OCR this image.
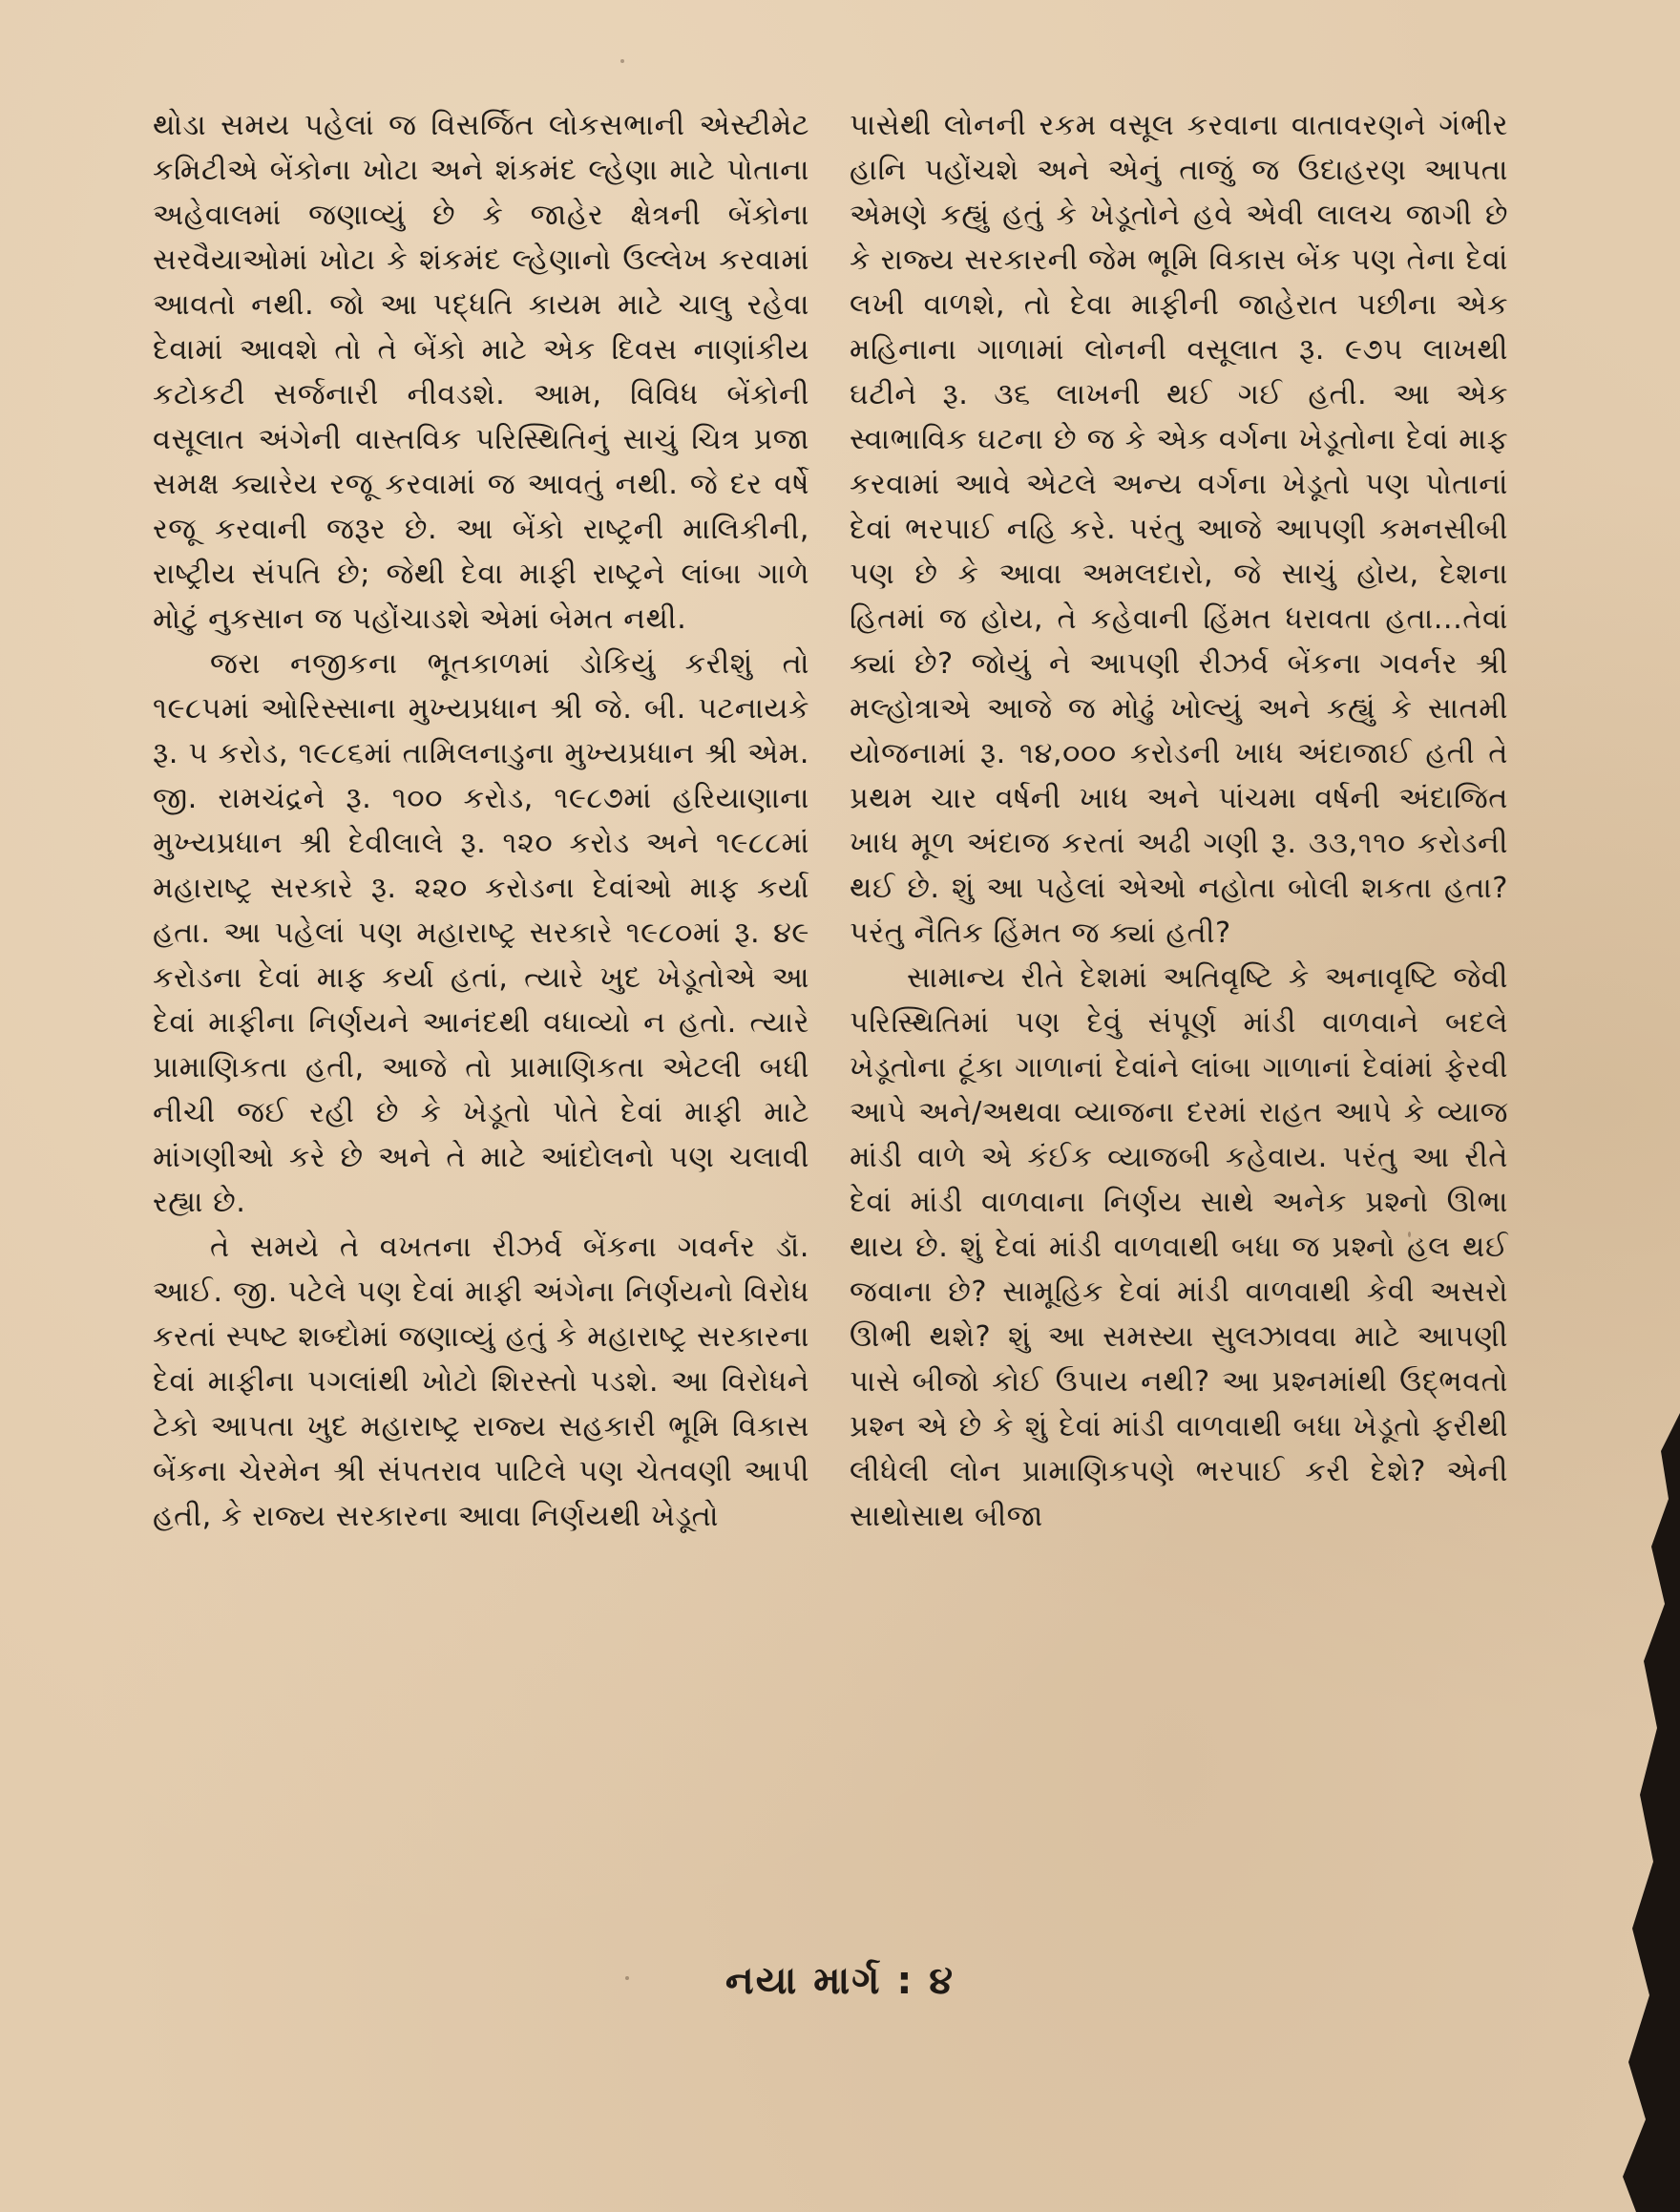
થોડા સમય પહેલાં જ વિસર્જિત લોકસભાની એસ્ટીમેટ કમિટીએ બેંકોના ખોટા અને શંકમંદ લ્હેણા માટે પોતાના અહેવાલમાં જણાવ્યું છે કે જાહેર ક્ષેત્રની બેંકોના સરવૈયાઓમાં ખોટા કે શંકમંદ લ્હેણાનો ઉલ્લેખ કરવામાં આવતો નથી. જો આ પદ્ધતિ કાયમ માટે ચાલુ રહેવા દેવામાં આવશે તો તે બેંકો માટે એક દિવસ નાણાંકીય કટોકટી સર્જનારી નીવડશે. આમ, વિવિધ બેંકોની વસૂલાત અંગેની વાસ્તવિક પરિસ્થિતિનું સાચું ચિત્ર પ્રજા સમક્ષ ક્યારેય રજૂ કરવામાં જ આવતું નથી. જે દર વર્ષે રજૂ કરવાની જરૂર છે. આ બેંકો રાષ્ટ્રની માલિકીની, રાષ્ટ્રીય સંપતિ છે; જેથી દેવા માફી રાષ્ટ્રને લાંબા ગાળે મોટું નુકસાન જ પહોંચાડશે એમાં બેમત નથી.

જરા નજીકના ભૂતકાળમાં ડોકિયું કરીશું તો ૧૯૮૫માં ઓરિસ્સાના મુખ્યપ્રધાન શ્રી જે. બી. પટનાયકે રૂ. ૫ કરોડ, ૧૯૮૬માં તામિલનાડુના મુખ્યપ્રધાન શ્રી એમ. જી. રામચંદ્રને રૂ. ૧૦૦ કરોડ, ૧૯૮૭માં હરિયાણાના મુખ્યપ્રધાન શ્રી દેવીલાલે રૂ. ૧૨૦ કરોડ અને ૧૯૮૮માં મહારાષ્ટ્ર સરકારે રૂ. ૨૨૦ કરોડના દેવાંઓ માફ કર્યા હતા. આ પહેલાં પણ મહારાષ્ટ્ર સરકારે ૧૯૮૦માં રૂ. ૪૯ કરોડના દેવાં માફ કર્યા હતાં, ત્યારે ખુદ ખેડૂતોએ આ દેવાં માફીના નિર્ણયને આનંદથી વધાવ્યો ન હતો. ત્યારે પ્રામાણિકતા હતી, આજે તો પ્રામાણિકતા એટલી બધી નીચી જઈ રહી છે કે ખેડૂતો પોતે દેવાં માફી માટે માંગણીઓ કરે છે અને તે માટે આંદોલનો પણ ચલાવી રહ્યા છે.

તે સમયે તે વખતના રીઝર્વ બેંકના ગવર્નર ડૉ. આઈ. જી. પટેલે પણ દેવાં માફી અંગેના નિર્ણયનો વિરોધ કરતાં સ્પષ્ટ શબ્દોમાં જણાવ્યું હતું કે મહારાષ્ટ્ર સરકારના દેવાં માફીના પગલાંથી ખોટો શિરસ્તો પડશે. આ વિરોધને ટેકો આપતા ખુદ મહારાષ્ટ્ર રાજ્ય સહકારી ભૂમિ વિકાસ બેંકના ચેરમેન શ્રી સંપતરાવ પાટિલે પણ ચેતવણી આપી હતી, કે રાજ્ય સરકારના આવા નિર્ણયથી ખેડૂતો

પાસેથી લોનની રકમ વસૂલ કરવાના વાતાવરણને ગંભીર હાનિ પહોંચશે અને એનું તાજું જ ઉદાહરણ આપતા એમણે કહ્યું હતું કે ખેડૂતોને હવે એવી લાલચ જાગી છે કે રાજ્ય સરકારની જેમ ભૂમિ વિકાસ બેંક પણ તેના દેવાં લખી વાળશે, તો દેવા માફીની જાહેરાત પછીના એક મહિનાના ગાળામાં લોનની વસૂલાત રૂ. ૯૭૫ લાખથી ઘટીને રૂ. ૩૬ લાખની થઈ ગઈ હતી. આ એક સ્વાભાવિક ઘટના છે જ કે એક વર્ગના ખેડૂતોના દેવાં માફ કરવામાં આવે એટલે અન્ય વર્ગના ખેડૂતો પણ પોતાનાં દેવાં ભરપાઈ નહિ કરે. પરંતુ આજે આપણી કમનસીબી પણ છે કે આવા અમલદારો, જે સાચું હોય, દેશના હિતમાં જ હોય, તે કહેવાની હિંમત ધરાવતા હતા...તેવાં ક્યાં છે? જોયું ને આપણી રીઝર્વ બેંકના ગવર્નર શ્રી મલ્હોત્રાએ આજે જ મોઢું ખોલ્યું અને કહ્યું કે સાતમી યોજનામાં રૂ. ૧૪,૦૦૦ કરોડની ખાધ અંદાજાઈ હતી તે પ્રથમ ચાર વર્ષની ખાધ અને પાંચમા વર્ષની અંદાજિત ખાધ મૂળ અંદાજ કરતાં અઢી ગણી રૂ. ૩૩,૧૧૦ કરોડની થઈ છે. શું આ પહેલાં એઓ નહોતા બોલી શકતા હતા? પરંતુ નૈતિક હિંમત જ ક્યાં હતી?

સામાન્ય રીતે દેશમાં અતિવૃષ્ટિ કે અનાવૃષ્ટિ જેવી પરિસ્થિતિમાં પણ દેવું સંપૂર્ણ માંડી વાળવાને બદલે ખેડૂતોના ટૂંકા ગાળાનાં દેવાંને લાંબા ગાળાનાં દેવાંમાં ફેરવી આપે અને/અથવા વ્યાજના દરમાં રાહત આપે કે વ્યાજ માંડી વાળે એ કંઈક વ્યાજબી કહેવાય. પરંતુ આ રીતે દેવાં માંડી વાળવાના નિર્ણય સાથે અનેક પ્રશ્નો ઊભા થાય છે. શું દેવાં માંડી વાળવાથી બધા જ પ્રશ્નો હલ થઈ જવાના છે? સામૂહિક દેવાં માંડી વાળવાથી કેવી અસરો ઊભી થશે? શું આ સમસ્યા સુલઝાવવા માટે આપણી પાસે બીજો કોઈ ઉપાય નથી? આ પ્રશ્નમાંથી ઉદ્‌ભવતો પ્રશ્ન એ છે કે શું દેવાં માંડી વાળવાથી બધા ખેડૂતો ફરીથી લીધેલી લોન પ્રામાણિકપણે ભરપાઈ કરી દેશે? એની સાથોસાથ બીજા

નયા માર્ગ : ૪
